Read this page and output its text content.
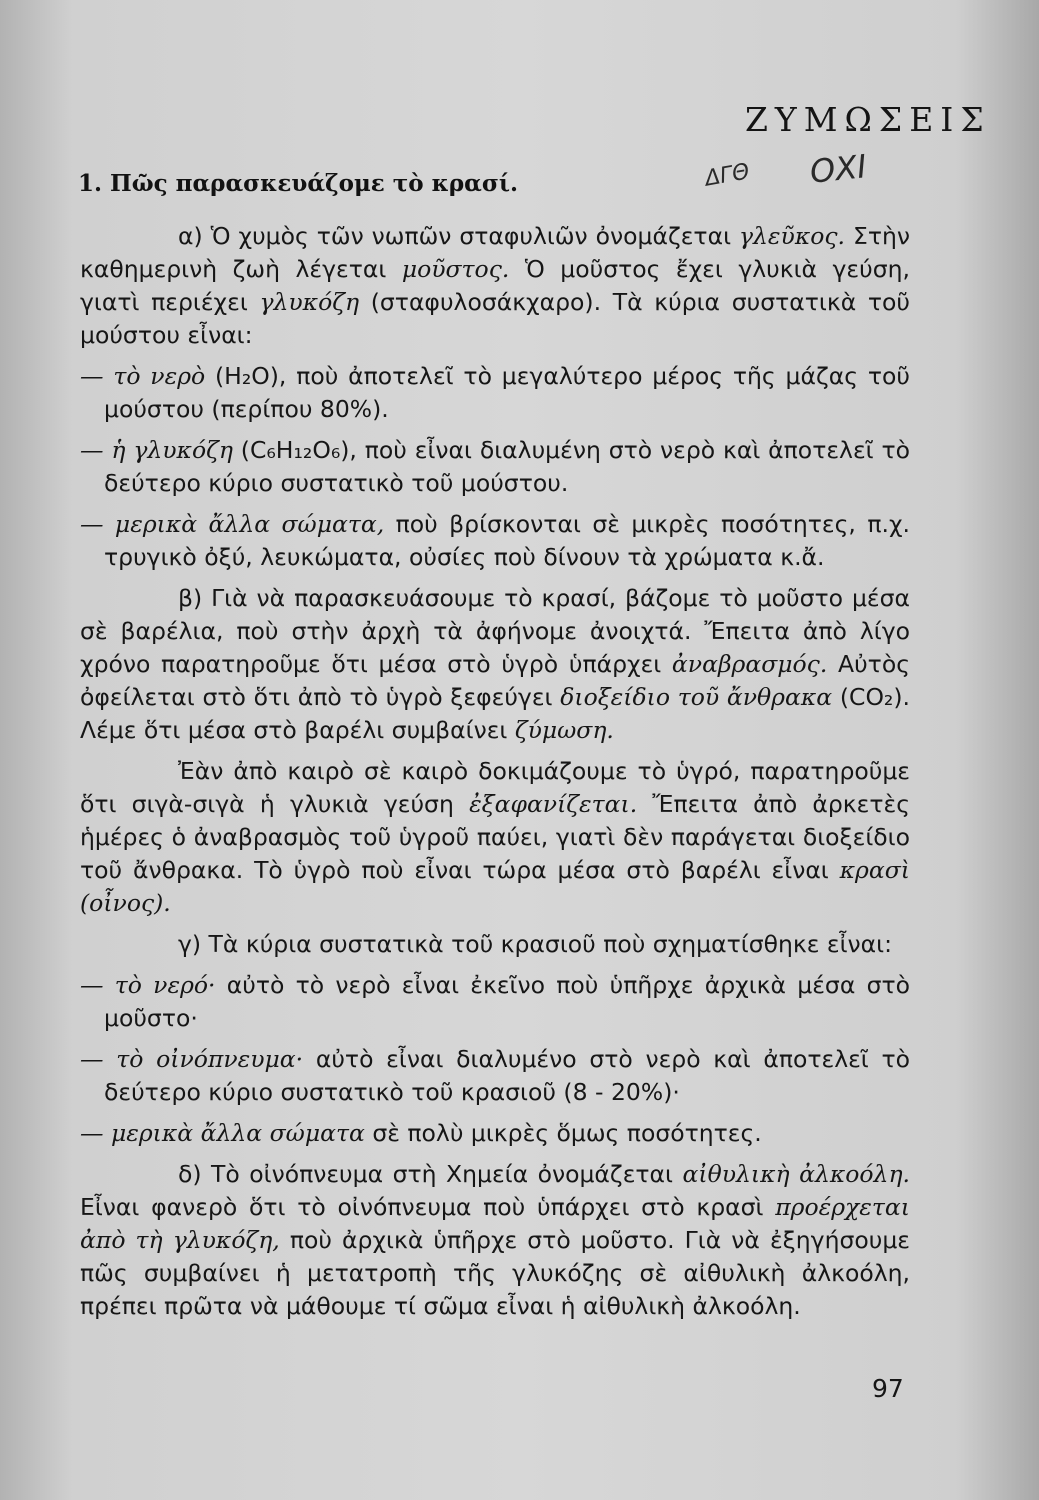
ΖΥΜΩΣΕΙΣ
1. Πῶς παρασκευάζομε τὸ κρασί.	ΔΓΘ ΟΧΙ

α) Ὁ χυμὸς τῶν νωπῶν σταφυλιῶν ὀνομάζεται γλεῦκος. Στὴν καθημερινὴ ζωὴ λέγεται μοῦστος. Ὁ μοῦστος ἔχει γλυκιὰ γεύση, γιατὶ περιέχει γλυκόζη (σταφυλοσάκχαρο). Τὰ κύρια συστατικὰ τοῦ μούστου εἶναι:

— τὸ νερὸ (H₂O), ποὺ ἀποτελεῖ τὸ μεγαλύτερο μέρος τῆς μάζας τοῦ μούστου (περίπου 80%).

— ἡ γλυκόζη (C₆H₁₂O₆), ποὺ εἶναι διαλυμένη στὸ νερὸ καὶ ἀποτελεῖ τὸ δεύτερο κύριο συστατικὸ τοῦ μούστου.

— μερικὰ ἄλλα σώματα, ποὺ βρίσκονται σὲ μικρὲς ποσότητες, π.χ. τρυγικὸ ὀξύ, λευκώματα, οὐσίες ποὺ δίνουν τὰ χρώματα κ.ἄ.

β) Γιὰ νὰ παρασκευάσουμε τὸ κρασί, βάζομε τὸ μοῦστο μέσα σὲ βαρέλια, ποὺ στὴν ἀρχὴ τὰ ἀφήνομε ἀνοιχτά. Ἔπειτα ἀπὸ λίγο χρόνο παρατηροῦμε ὅτι μέσα στὸ ὑγρὸ ὑπάρχει ἀναβρασμός. Αὐτὸς ὀφείλεται στὸ ὅτι ἀπὸ τὸ ὑγρὸ ξεφεύγει διοξείδιο τοῦ ἄνθρακα (CO₂). Λέμε ὅτι μέσα στὸ βαρέλι συμβαίνει ζύμωση.

Ἐὰν ἀπὸ καιρὸ σὲ καιρὸ δοκιμάζουμε τὸ ὑγρό, παρατηροῦμε ὅτι σιγὰ-σιγὰ ἡ γλυκιὰ γεύση ἐξαφανίζεται. Ἔπειτα ἀπὸ ἀρκετὲς ἡμέρες ὁ ἀναβρασμὸς τοῦ ὑγροῦ παύει, γιατὶ δὲν παράγεται διοξείδιο τοῦ ἄνθρακα. Τὸ ὑγρὸ ποὺ εἶναι τώρα μέσα στὸ βαρέλι εἶναι κρασὶ (οἶνος).

γ) Τὰ κύρια συστατικὰ τοῦ κρασιοῦ ποὺ σχηματίσθηκε εἶναι:

— τὸ νερό· αὐτὸ τὸ νερὸ εἶναι ἐκεῖνο ποὺ ὑπῆρχε ἀρχικὰ μέσα στὸ μοῦστο·

— τὸ οἰνόπνευμα· αὐτὸ εἶναι διαλυμένο στὸ νερὸ καὶ ἀποτελεῖ τὸ δεύτερο κύριο συστατικὸ τοῦ κρασιοῦ (8 - 20%)·

— μερικὰ ἄλλα σώματα σὲ πολὺ μικρὲς ὅμως ποσότητες.

δ) Τὸ οἰνόπνευμα στὴ Χημεία ὀνομάζεται αἰθυλικὴ ἀλκοόλη. Εἶναι φανερὸ ὅτι τὸ οἰνόπνευμα ποὺ ὑπάρχει στὸ κρασὶ προέρχεται ἀπὸ τὴ γλυκόζη, ποὺ ἀρχικὰ ὑπῆρχε στὸ μοῦστο. Γιὰ νὰ ἐξηγήσουμε πῶς συμβαίνει ἡ μετατροπὴ τῆς γλυκόζης σὲ αἰθυλικὴ ἀλκοόλη, πρέπει πρῶτα νὰ μάθουμε τί σῶμα εἶναι ἡ αἰθυλικὴ ἀλκοόλη.

97
